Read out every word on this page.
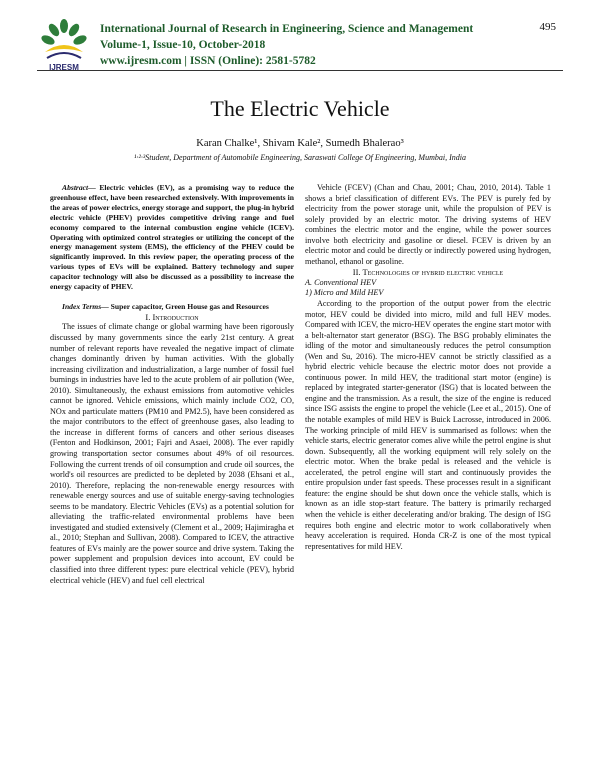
IJRESM
International Journal of Research in Engineering, Science and Management
Volume-1, Issue-10, October-2018
www.ijresm.com | ISSN (Online): 2581-5782
495
The Electric Vehicle
Karan Chalke¹, Shivam Kale², Sumedh Bhalerao³
¹·²·³Student, Department of Automobile Engineering, Saraswati College Of Engineering, Mumbai, India

Abstract— Electric vehicles (EV), as a promising way to reduce the greenhouse effect, have been researched extensively. With improvements in the areas of power electrics, energy storage and support, the plug-in hybrid electric vehicle (PHEV) provides competitive driving range and fuel economy compared to the internal combustion engine vehicle (ICEV). Operating with optimized control strategies or utilizing the concept of the energy management system (EMS), the efficiency of the PHEV could be significantly improved. In this review paper, the operating process of the various types of EVs will be explained. Battery technology and super capacitor technology will also be discussed as a possibility to increase the energy capacity of PHEV.

Index Terms— Super capacitor, Green House gas and Resources

I. Introduction

The issues of climate change or global warming have been rigorously discussed by many governments since the early 21st century. A great number of relevant reports have revealed the negative impact of climate changes dominantly driven by human activities. With the globally increasing civilization and industrialization, a large number of fossil fuel burnings in industries have led to the acute problem of air pollution (Wee, 2010). Simultaneously, the exhaust emissions from automotive vehicles cannot be ignored. Vehicle emissions, which mainly include CO2, CO, NOx and particulate matters (PM10 and PM2.5), have been considered as the major contributors to the effect of greenhouse gases, also leading to the increase in different forms of cancers and other serious diseases (Fenton and Hodkinson, 2001; Fajri and Asaei, 2008). The ever rapidly growing transportation sector consumes about 49% of oil resources. Following the current trends of oil consumption and crude oil sources, the world's oil resources are predicted to be depleted by 2038 (Ehsani et al., 2010). Therefore, replacing the non-renewable energy resources with renewable energy sources and use of suitable energy-saving technologies seems to be mandatory. Electric Vehicles (EVs) as a potential solution for alleviating the traffic-related environmental problems have been investigated and studied extensively (Clement et al., 2009; Hajimiragha et al., 2010; Stephan and Sullivan, 2008). Compared to ICEV, the attractive features of EVs mainly are the power source and drive system. Taking the power supplement and propulsion devices into account, EV could be classified into three different types: pure electrical vehicle (PEV), hybrid electrical vehicle (HEV) and fuel cell electrical

Vehicle (FCEV) (Chan and Chau, 2001; Chau, 2010, 2014). Table 1 shows a brief classification of different EVs. The PEV is purely fed by electricity from the power storage unit, while the propulsion of PEV is solely provided by an electric motor. The driving systems of HEV combines the electric motor and the engine, while the power sources involve both electricity and gasoline or diesel. FCEV is driven by an electric motor and could be directly or indirectly powered using hydrogen, methanol, ethanol or gasoline.

II. Technologies of hybrid electric vehicle

A. Conventional HEV

1) Micro and Mild HEV

According to the proportion of the output power from the electric motor, HEV could be divided into micro, mild and full HEV modes. Compared with ICEV, the micro-HEV operates the engine start motor with a belt-alternator start generator (BSG). The BSG probably eliminates the idling of the motor and simultaneously reduces the petrol consumption (Wen and Su, 2016). The micro-HEV cannot be strictly classified as a hybrid electric vehicle because the electric motor does not provide a continuous power. In mild HEV, the traditional start motor (engine) is replaced by integrated starter-generator (ISG) that is located between the engine and the transmission. As a result, the size of the engine is reduced since ISG assists the engine to propel the vehicle (Lee et al., 2015). One of the notable examples of mild HEV is Buick Lacrosse, introduced in 2006. The working principle of mild HEV is summarised as follows: when the vehicle starts, electric generator comes alive while the petrol engine is shut down. Subsequently, all the working equipment will rely solely on the electric motor. When the brake pedal is released and the vehicle is accelerated, the petrol engine will start and continuously provides the entire propulsion under fast speeds. These processes result in a significant feature: the engine should be shut down once the vehicle stalls, which is known as an idle stop-start feature. The battery is primarily recharged when the vehicle is either decelerating and/or braking. The design of ISG requires both engine and electric motor to work collaboratively when heavy acceleration is required. Honda CR-Z is one of the most typical representatives for mild HEV.
